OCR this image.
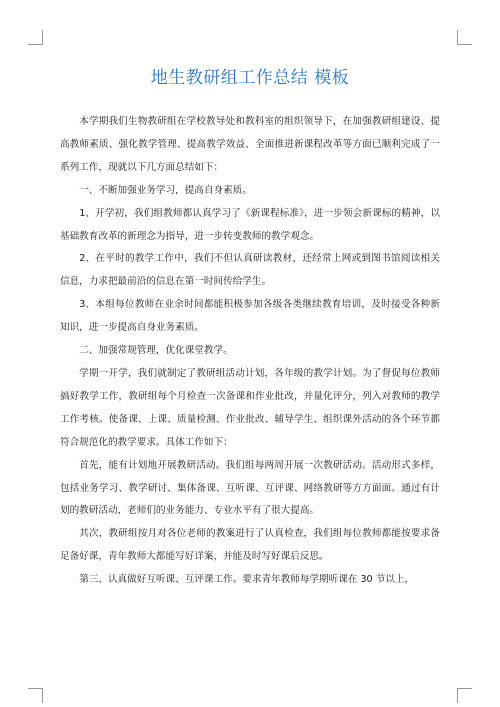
地生教研组工作总结 模板

本学期我们生物教研组在学校教导处和教科室的组织领导下，在加强教研组建设、提高教师素质、强化教学管理、提高教学效益、全面推进新课程改革等方面已顺利完成了一系列工作，现就以下几方面总结如下：

一、不断加强业务学习，提高自身素质。

1、开学初，我们组教师都认真学习了《新课程标准》，进一步领会新课标的精神，以基础教育改革的新理念为指导，进一步转变教师的教学观念。

2、在平时的教学工作中，我们不但认真研读教材，还经常上网或到图书馆阅读相关信息，力求把最前沿的信息在第一时间传给学生。

3、本组每位教师在业余时间都能积极参加各级各类继续教育培训，及时接受各种新知识，进一步提高自身业务素质。

二、加强常规管理，优化课堂教学。

学期一开学，我们就制定了教研组活动计划，各年级的教学计划。为了督促每位教师搞好教学工作，教研组每个月检查一次备课和作业批改，并量化评分，列入对教师的教学工作考核。使备课、上课、质量检测、作业批改、辅导学生、组织课外活动的各个环节都符合规范化的教学要求。具体工作如下：

首先，能有计划地开展教研活动。我们组每两周开展一次教研活动。活动形式多样，包括业务学习、教学研讨、集体备课、互听课、互评课、网络教研等方方面面。通过有计划的教研活动，老师们的业务能力、专业水平有了很大提高。

其次，教研组按月对各位老师的教案进行了认真检查，我们组每位教师都能按要求备足备好课，青年教师大都能写好详案，并能及时写好课后反思。

第三、认真做好互听课、互评课工作。要求青年教师每学期听课在 30 节以上，
